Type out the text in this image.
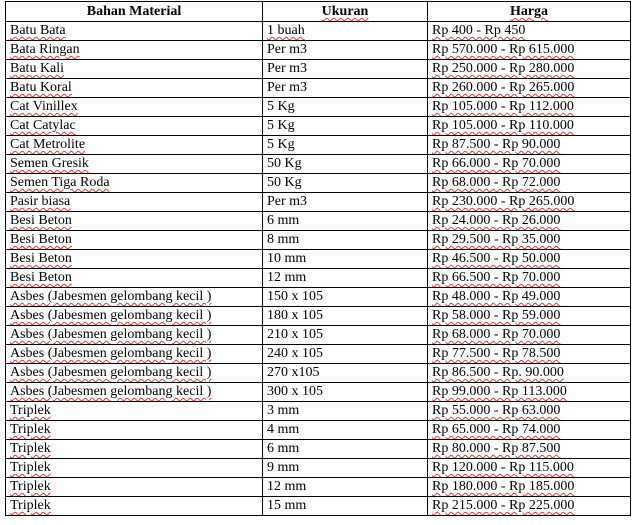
Bahan Material	Ukuran	Harga
Batu Bata	1 buah	Rp 400 - Rp 450
Bata Ringan	Per m3	Rp 570.000 - Rp 615.000
Batu Kali	Per m3	Rp 250.000 - Rp 280.000
Batu Koral	Per m3	Rp 260.000 - Rp 265.000
Cat Vinillex	5 Kg	Rp 105.000 - Rp 112.000
Cat Catylac	5 Kg	Rp 105.000 - Rp 110.000
Cat Metrolite	5 Kg	Rp 87.500 - Rp 90.000
Semen Gresik	50 Kg	Rp 66.000 - Rp 70.000
Semen Tiga Roda	50 Kg	Rp 68.000 - Rp 72.000
Pasir biasa	Per m3	Rp 230.000 - Rp 265.000
Besi Beton	6 mm	Rp 24.000 - Rp 26.000
Besi Beton	8 mm	Rp 29.500 - Rp 35.000
Besi Beton	10 mm	Rp 46.500 - Rp 50.000
Besi Beton	12 mm	Rp 66.500 - Rp 70.000
Asbes (Jabesmen gelombang kecil )	150 x 105	Rp 48.000 - Rp 49.000
Asbes (Jabesmen gelombang kecil )	180 x 105	Rp 58.000 - Rp 59.000
Asbes (Jabesmen gelombang kecil )	210 x 105	Rp 68.000 - Rp 70.000
Asbes (Jabesmen gelombang kecil )	240 x 105	Rp 77.500 - Rp 78.500
Asbes (Jabesmen gelombang kecil )	270 x105	Rp 86.500 - Rp. 90.000
Asbes (Jabesmen gelombang kecil )	300 x 105	Rp 99.000 - Rp 113.000
Triplek	3 mm	Rp 55.000 - Rp 63.000
Triplek	4 mm	Rp 65.000 - Rp 74.000
Triplek	6 mm	Rp 80.000 - Rp 87.500
Triplek	9 mm	Rp 120.000 - Rp 115.000
Triplek	12 mm	Rp 180.000 - Rp 185.000
Triplek	15 mm	Rp 215.000 - Rp 225.000
